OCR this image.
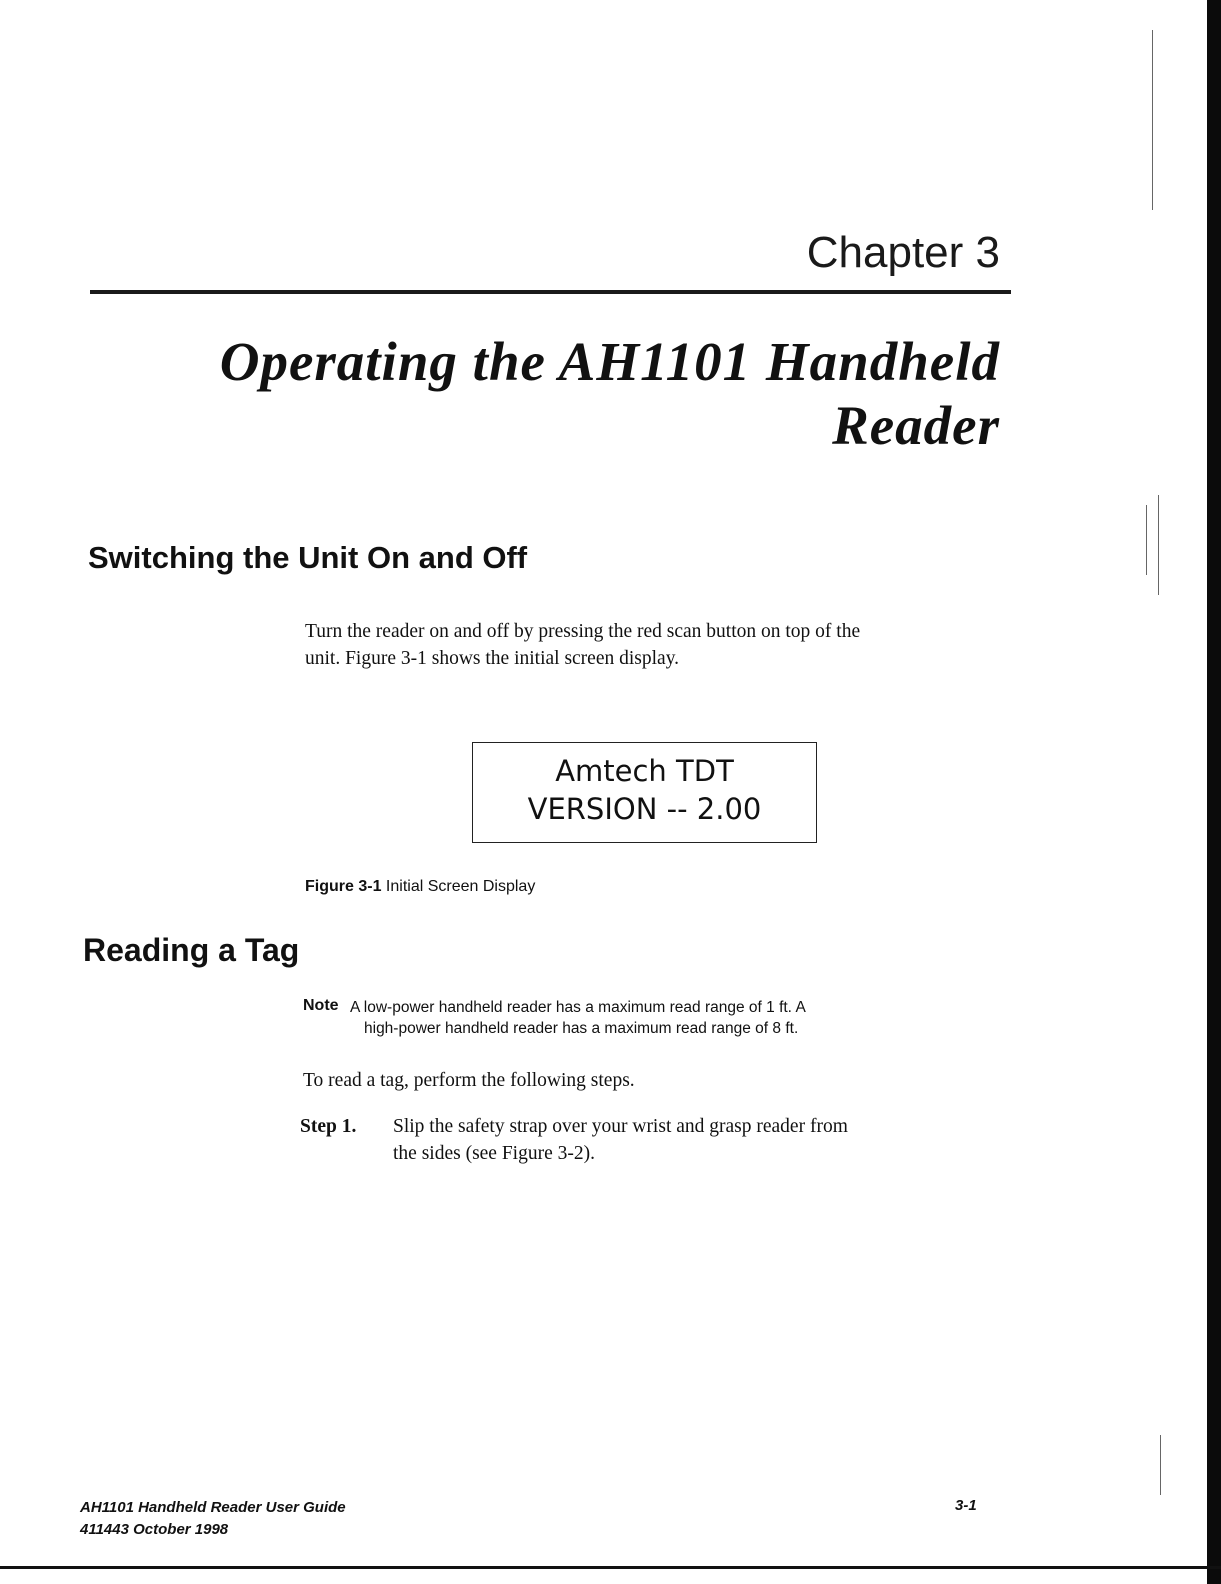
Chapter 3
Operating the AH1101 Handheld
Reader
Switching the Unit On and Off
Turn the reader on and off by pressing the red scan button on top of the
unit. Figure 3-1 shows the initial screen display.
Amtech TDT
VERSION -- 2.00
Figure 3-1 Initial Screen Display
Reading a Tag
Note A low-power handheld reader has a maximum read range of 1 ft. A
high-power handheld reader has a maximum read range of 8 ft.
To read a tag, perform the following steps.
Step 1. Slip the safety strap over your wrist and grasp reader from
the sides (see Figure 3-2).
AH1101 Handheld Reader User Guide
411443 October 1998
3-1
